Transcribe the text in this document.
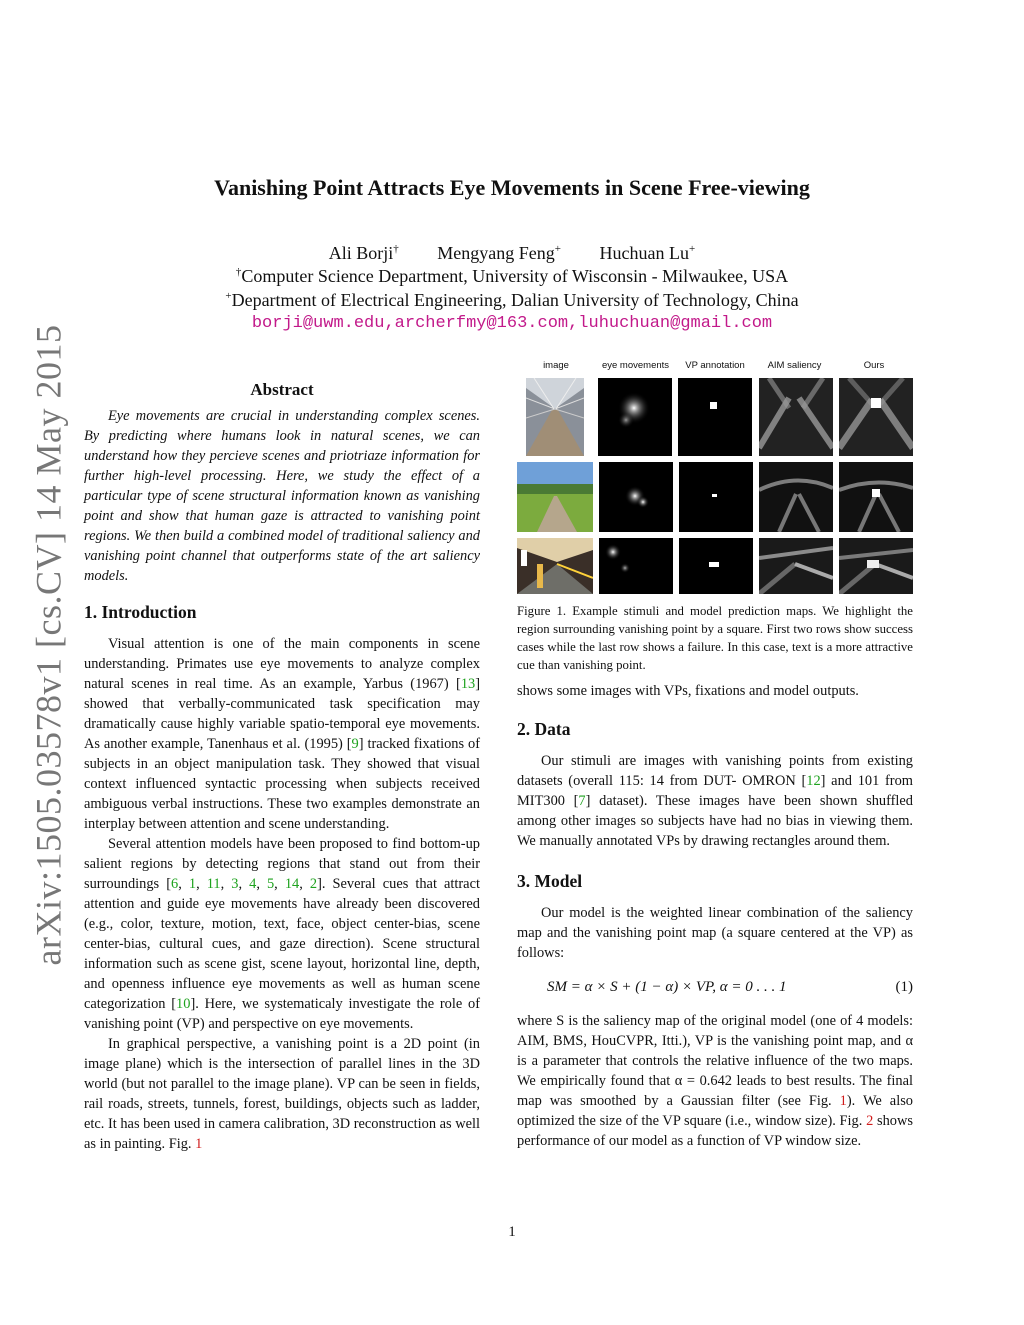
arXiv:1505.03578v1 [cs.CV] 14 May 2015
Vanishing Point Attracts Eye Movements in Scene Free-viewing
Ali Borji† Mengyang Feng+ Huchuan Lu+
†Computer Science Department, University of Wisconsin - Milwaukee, USA
+Department of Electrical Engineering, Dalian University of Technology, China
borji@uwm.edu,archerfmy@163.com,luhuchuan@gmail.com
Abstract

Eye movements are crucial in understanding complex scenes. By predicting where humans look in natural scenes, we can understand how they percieve scenes and priotriaze information for further high-level processing. Here, we study the effect of a particular type of scene structural information known as vanishing point and show that human gaze is attracted to vanishing point regions. We then build a combined model of traditional saliency and vanishing point channel that outperforms state of the art saliency models.

1. Introduction

Visual attention is one of the main components in scene understanding. Primates use eye movements to analyze complex natural scenes in real time. As an example, Yarbus (1967) [13] showed that verbally-communicated task specification may dramatically cause highly variable spatio-temporal eye movements. As another example, Tanenhaus et al. (1995) [9] tracked fixations of subjects in an object manipulation task. They showed that visual context influenced syntactic processing when subjects received ambiguous verbal instructions. These two examples demonstrate an interplay between attention and scene understanding.

Several attention models have been proposed to find bottom-up salient regions by detecting regions that stand out from their surroundings [6, 1, 11, 3, 4, 5, 14, 2]. Several cues that attract attention and guide eye movements have already been discovered (e.g., color, texture, motion, text, face, object center-bias, scene center-bias, cultural cues, and gaze direction). Scene structural information such as scene gist, scene layout, horizontal line, depth, and openness influence eye movements as well as human scene categorization [10]. Here, we systematicaly investigate the role of vanishing point (VP) and perspective on eye movements.

In graphical perspective, a vanishing point is a 2D point (in image plane) which is the intersection of parallel lines in the 3D world (but not parallel to the image plane). VP can be seen in fields, rail roads, streets, tunnels, forest, buildings, objects such as ladder, etc. It has been used in camera calibration, 3D reconstruction as well as in painting. Fig. 1

image	eye movements	VP annotation	AIM saliency	Ours
Figure 1. Example stimuli and model prediction maps. We highlight the region surrounding vanishing point by a square. First two rows show success cases while the last row shows a failure. In this case, text is a more attractive cue than vanishing point.
shows some images with VPs, fixations and model outputs.
2. Data

Our stimuli are images with vanishing points from existing datasets (overall 115: 14 from DUT- OMRON [12] and 101 from MIT300 [7] dataset). These images have been shown shuffled among other images so subjects have had no bias in viewing them. We manually annotated VPs by drawing rectangles around them.

3. Model

Our model is the weighted linear combination of the saliency map and the vanishing point map (a square centered at the VP) as follows:

SM = α × S + (1 − α) × VP, α = 0 . . . 1	(1)
where S is the saliency map of the original model (one of 4 models: AIM, BMS, HouCVPR, Itti.), VP is the vanishing point map, and α is a parameter that controls the relative influence of the two maps. We empirically found that α = 0.642 leads to best results. The final map was smoothed by a Gaussian filter (see Fig. 1). We also optimized the size of the VP square (i.e., window size). Fig. 2 shows performance of our model as a function of VP window size.
1
